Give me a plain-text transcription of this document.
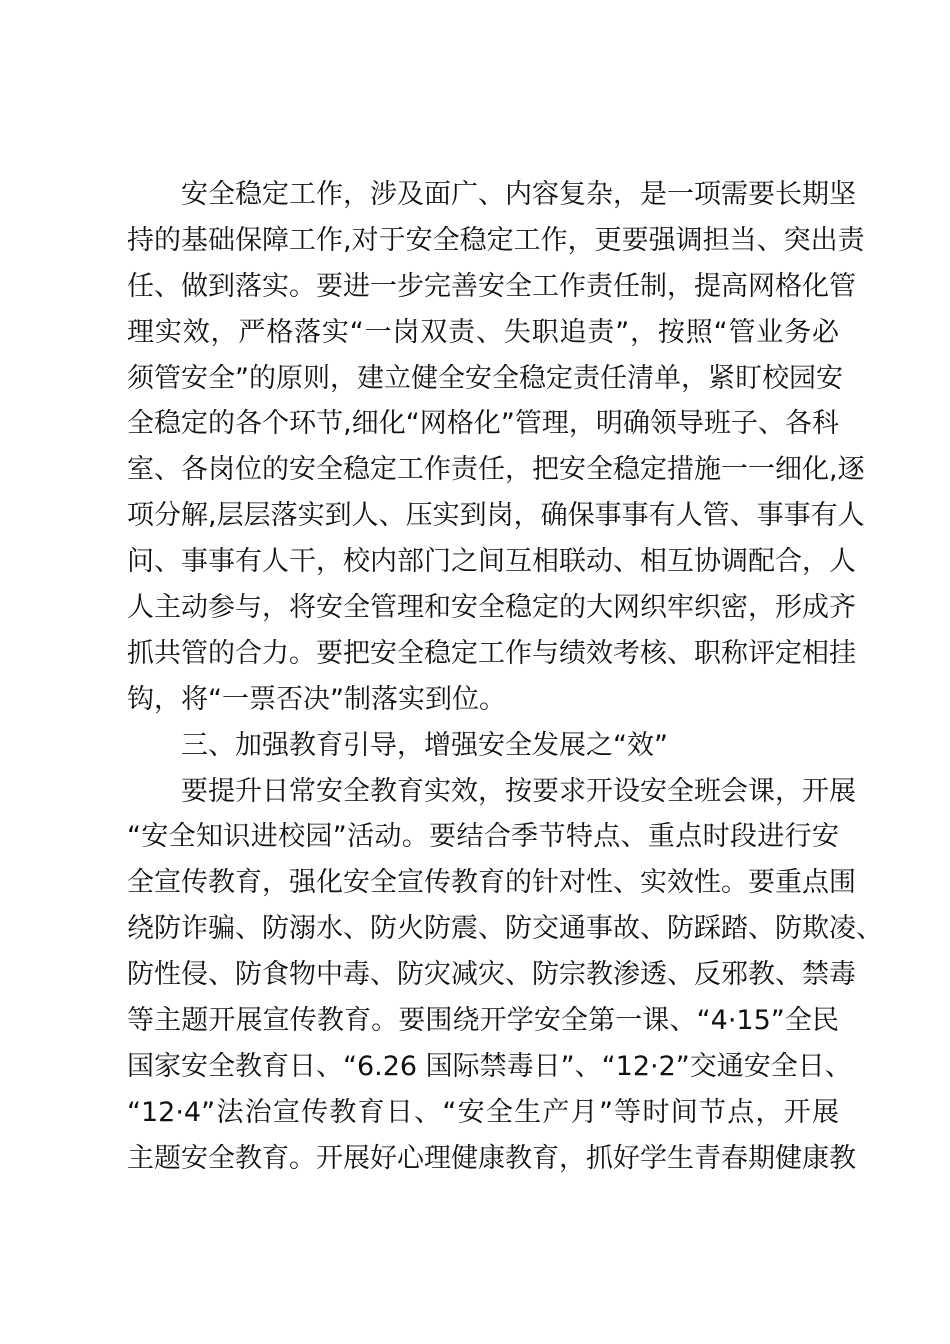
安全稳定工作，涉及面广、内容复杂，是一项需要长期坚
持的基础保障工作,对于安全稳定工作，更要强调担当、突出责
任、做到落实。要进一步完善安全工作责任制，提高网格化管
理实效，严格落实“一岗双责、失职追责”，按照“管业务必
须管安全”的原则，建立健全安全稳定责任清单，紧盯校园安
全稳定的各个环节,细化“网格化”管理，明确领导班子、各科
室、各岗位的安全稳定工作责任，把安全稳定措施一一细化,逐
项分解,层层落实到人、压实到岗，确保事事有人管、事事有人
问、事事有人干，校内部门之间互相联动、相互协调配合，人
人主动参与，将安全管理和安全稳定的大网织牢织密，形成齐
抓共管的合力。要把安全稳定工作与绩效考核、职称评定相挂
钩，将“一票否决”制落实到位。
三、加强教育引导，增强安全发展之“效”
要提升日常安全教育实效，按要求开设安全班会课，开展
“安全知识进校园”活动。要结合季节特点、重点时段进行安
全宣传教育，强化安全宣传教育的针对性、实效性。要重点围
绕防诈骗、防溺水、防火防震、防交通事故、防踩踏、防欺凌、
防性侵、防食物中毒、防灾减灾、防宗教渗透、反邪教、禁毒
等主题开展宣传教育。要围绕开学安全第一课、“4·15”全民
国家安全教育日、“6.26 国际禁毒日”、“12·2”交通安全日、
“12·4”法治宣传教育日、“安全生产月”等时间节点，开展
主题安全教育。开展好心理健康教育，抓好学生青春期健康教
